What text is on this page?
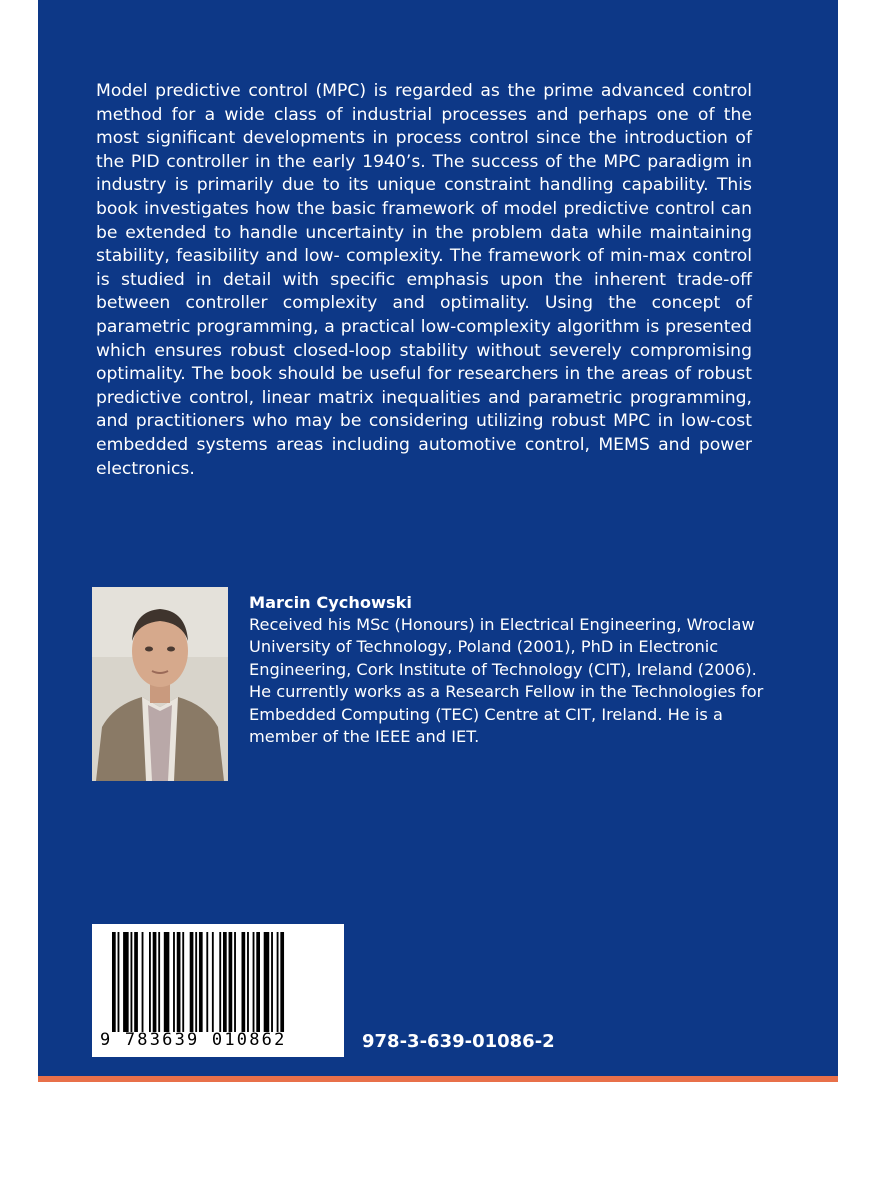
Model predictive control (MPC) is regarded as the prime advanced control method for a wide class of industrial processes and perhaps one of the most significant developments in process control since the introduction of the PID controller in the early 1940’s. The success of the MPC paradigm in industry is primarily due to its unique constraint handling capability. This book investigates how the basic framework of model predictive control can be extended to handle uncertainty in the problem data while maintaining stability, feasibility and low- complexity. The framework of min-max control is studied in detail with specific emphasis upon the inherent trade-off between controller complexity and optimality. Using the concept of parametric programming, a practical low-complexity algorithm is presented which ensures robust closed-loop stability without severely compromising optimality. The book should be useful for researchers in the areas of robust predictive control, linear matrix inequalities and parametric programming, and practitioners who may be considering utilizing robust MPC in low-cost embedded systems areas including automotive control, MEMS and power electronics.

Marcin Cychowski

Received his MSc (Honours) in Electrical Engineering, Wroclaw University of Technology, Poland (2001), PhD in Electronic Engineering, Cork Institute of Technology (CIT), Ireland (2006). He currently works as a Research Fellow in the Technologies for Embedded Computing (TEC) Centre at CIT, Ireland. He is a member of the IEEE and IET.

9 783639 010862	978-3-639-01086-2
